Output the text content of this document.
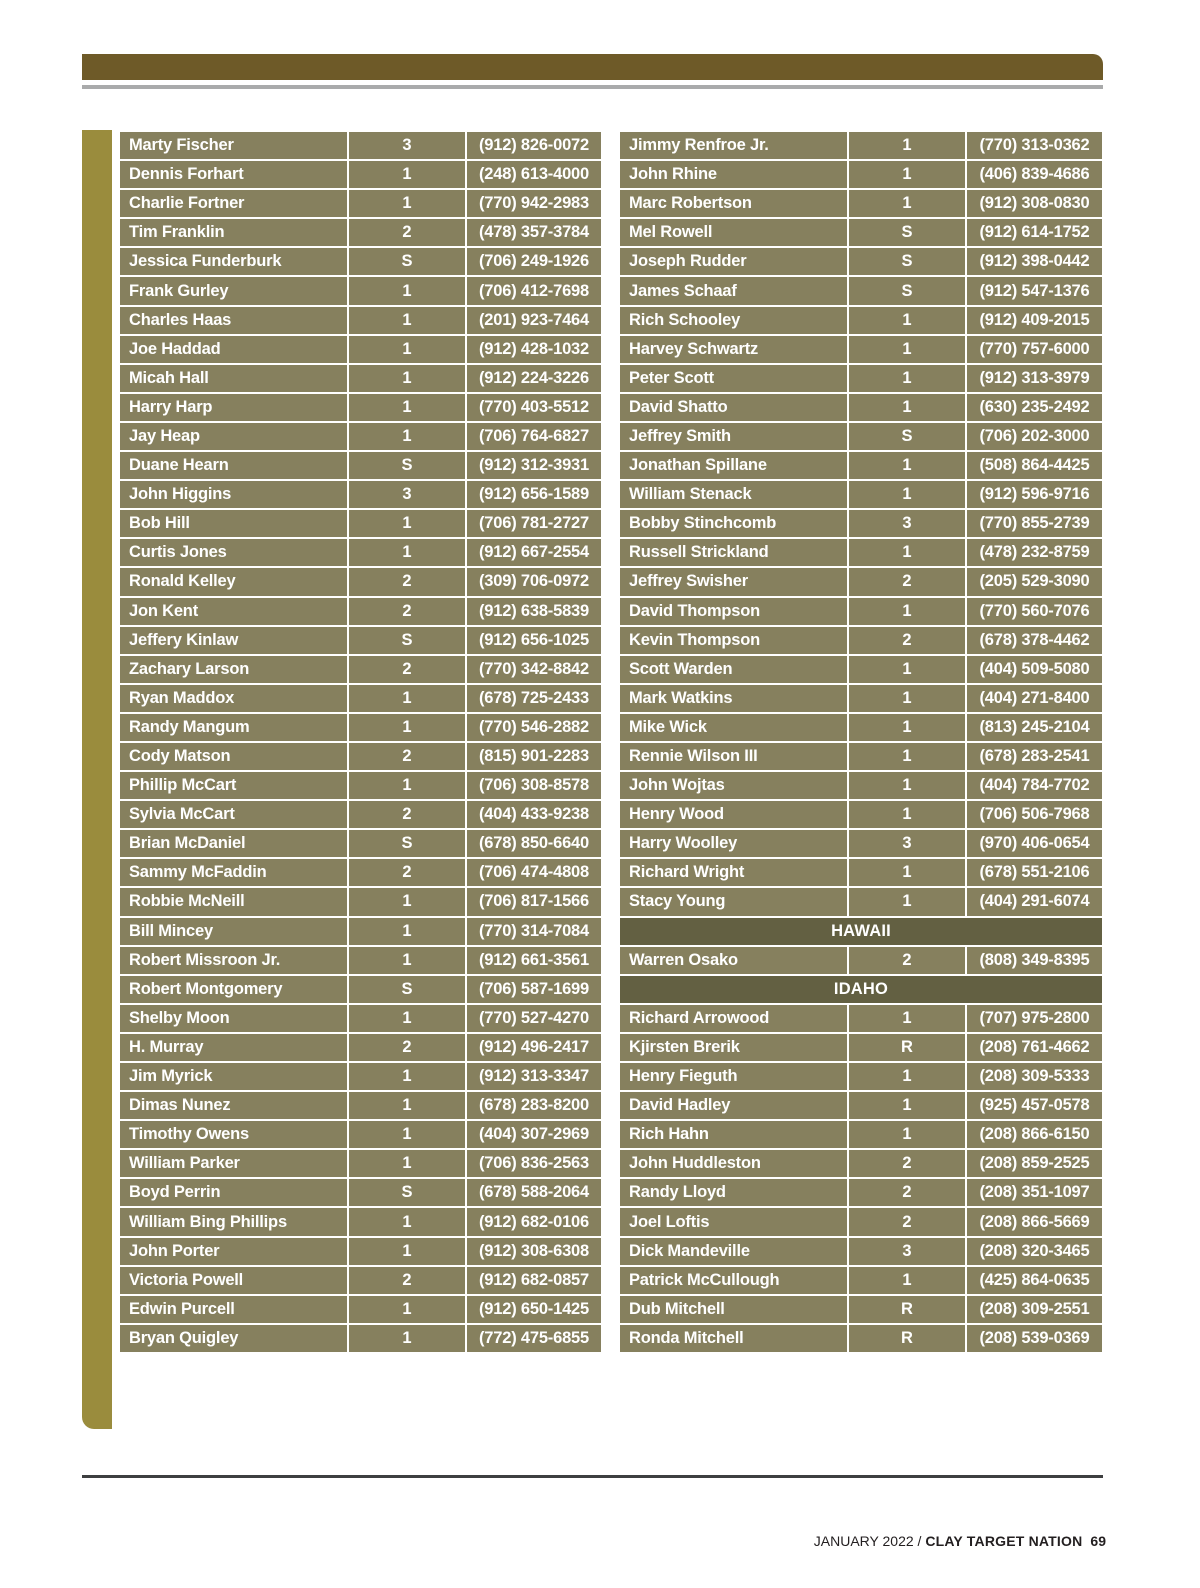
Marty Fischer	3	(912) 826-0072
Dennis Forhart	1	(248) 613-4000
Charlie Fortner	1	(770) 942-2983
Tim Franklin	2	(478) 357-3784
Jessica Funderburk	S	(706) 249-1926
Frank Gurley	1	(706) 412-7698
Charles Haas	1	(201) 923-7464
Joe Haddad	1	(912) 428-1032
Micah Hall	1	(912) 224-3226
Harry Harp	1	(770) 403-5512
Jay Heap	1	(706) 764-6827
Duane Hearn	S	(912) 312-3931
John Higgins	3	(912) 656-1589
Bob Hill	1	(706) 781-2727
Curtis Jones	1	(912) 667-2554
Ronald Kelley	2	(309) 706-0972
Jon Kent	2	(912) 638-5839
Jeffery Kinlaw	S	(912) 656-1025
Zachary Larson	2	(770) 342-8842
Ryan Maddox	1	(678) 725-2433
Randy Mangum	1	(770) 546-2882
Cody Matson	2	(815) 901-2283
Phillip McCart	1	(706) 308-8578
Sylvia McCart	2	(404) 433-9238
Brian McDaniel	S	(678) 850-6640
Sammy McFaddin	2	(706) 474-4808
Robbie McNeill	1	(706) 817-1566
Bill Mincey	1	(770) 314-7084
Robert Missroon Jr.	1	(912) 661-3561
Robert Montgomery	S	(706) 587-1699
Shelby Moon	1	(770) 527-4270
H. Murray	2	(912) 496-2417
Jim Myrick	1	(912) 313-3347
Dimas Nunez	1	(678) 283-8200
Timothy Owens	1	(404) 307-2969
William Parker	1	(706) 836-2563
Boyd Perrin	S	(678) 588-2064
William Bing Phillips	1	(912) 682-0106
John Porter	1	(912) 308-6308
Victoria Powell	2	(912) 682-0857
Edwin Purcell	1	(912) 650-1425
Bryan Quigley	1	(772) 475-6855
Jimmy Renfroe Jr.	1	(770) 313-0362
John Rhine	1	(406) 839-4686
Marc Robertson	1	(912) 308-0830
Mel Rowell	S	(912) 614-1752
Joseph Rudder	S	(912) 398-0442
James Schaaf	S	(912) 547-1376
Rich Schooley	1	(912) 409-2015
Harvey Schwartz	1	(770) 757-6000
Peter Scott	1	(912) 313-3979
David Shatto	1	(630) 235-2492
Jeffrey Smith	S	(706) 202-3000
Jonathan Spillane	1	(508) 864-4425
William Stenack	1	(912) 596-9716
Bobby Stinchcomb	3	(770) 855-2739
Russell Strickland	1	(478) 232-8759
Jeffrey Swisher	2	(205) 529-3090
David Thompson	1	(770) 560-7076
Kevin Thompson	2	(678) 378-4462
Scott Warden	1	(404) 509-5080
Mark Watkins	1	(404) 271-8400
Mike Wick	1	(813) 245-2104
Rennie Wilson III	1	(678) 283-2541
John Wojtas	1	(404) 784-7702
Henry Wood	1	(706) 506-7968
Harry Woolley	3	(970) 406-0654
Richard Wright	1	(678) 551-2106
Stacy Young	1	(404) 291-6074
HAWAII		
Warren Osako	2	(808) 349-8395
IDAHO		
Richard Arrowood	1	(707) 975-2800
Kjirsten Brerik	R	(208) 761-4662
Henry Fieguth	1	(208) 309-5333
David Hadley	1	(925) 457-0578
Rich Hahn	1	(208) 866-6150
John Huddleston	2	(208) 859-2525
Randy Lloyd	2	(208) 351-1097
Joel Loftis	2	(208) 866-5669
Dick Mandeville	3	(208) 320-3465
Patrick McCullough	1	(425) 864-0635
Dub Mitchell	R	(208) 309-2551
Ronda Mitchell	R	(208) 539-0369
JANUARY 2022 / CLAY TARGET NATION 69
